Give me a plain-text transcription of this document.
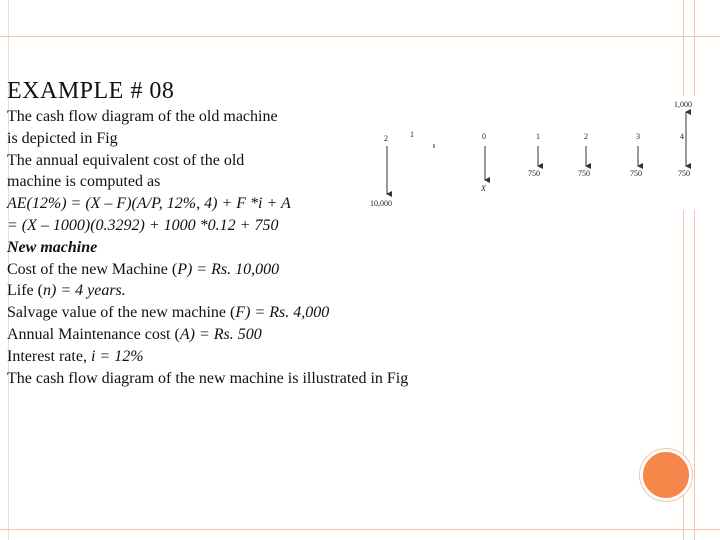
EXAMPLE # 08
The cash flow diagram of the old machine
is depicted in Fig
The annual equivalent cost of the old
machine is computed as
AE(12%) = (X – F)(A/P, 12%, 4) + F *i + A
= (X – 1000)(0.3292) + 1000 *0.12 + 750
New machine
Cost of the new Machine (P) = Rs. 10,000
Life (n) = 4 years.
Salvage value of the new machine (F) = Rs. 4,000
Annual Maintenance cost (A) = Rs. 500
Interest rate, i = 12%
The cash flow diagram of the new machine is illustrated in Fig
2	1
10,000
1,000
0	1	2	3	4
X
750	750	750	750
